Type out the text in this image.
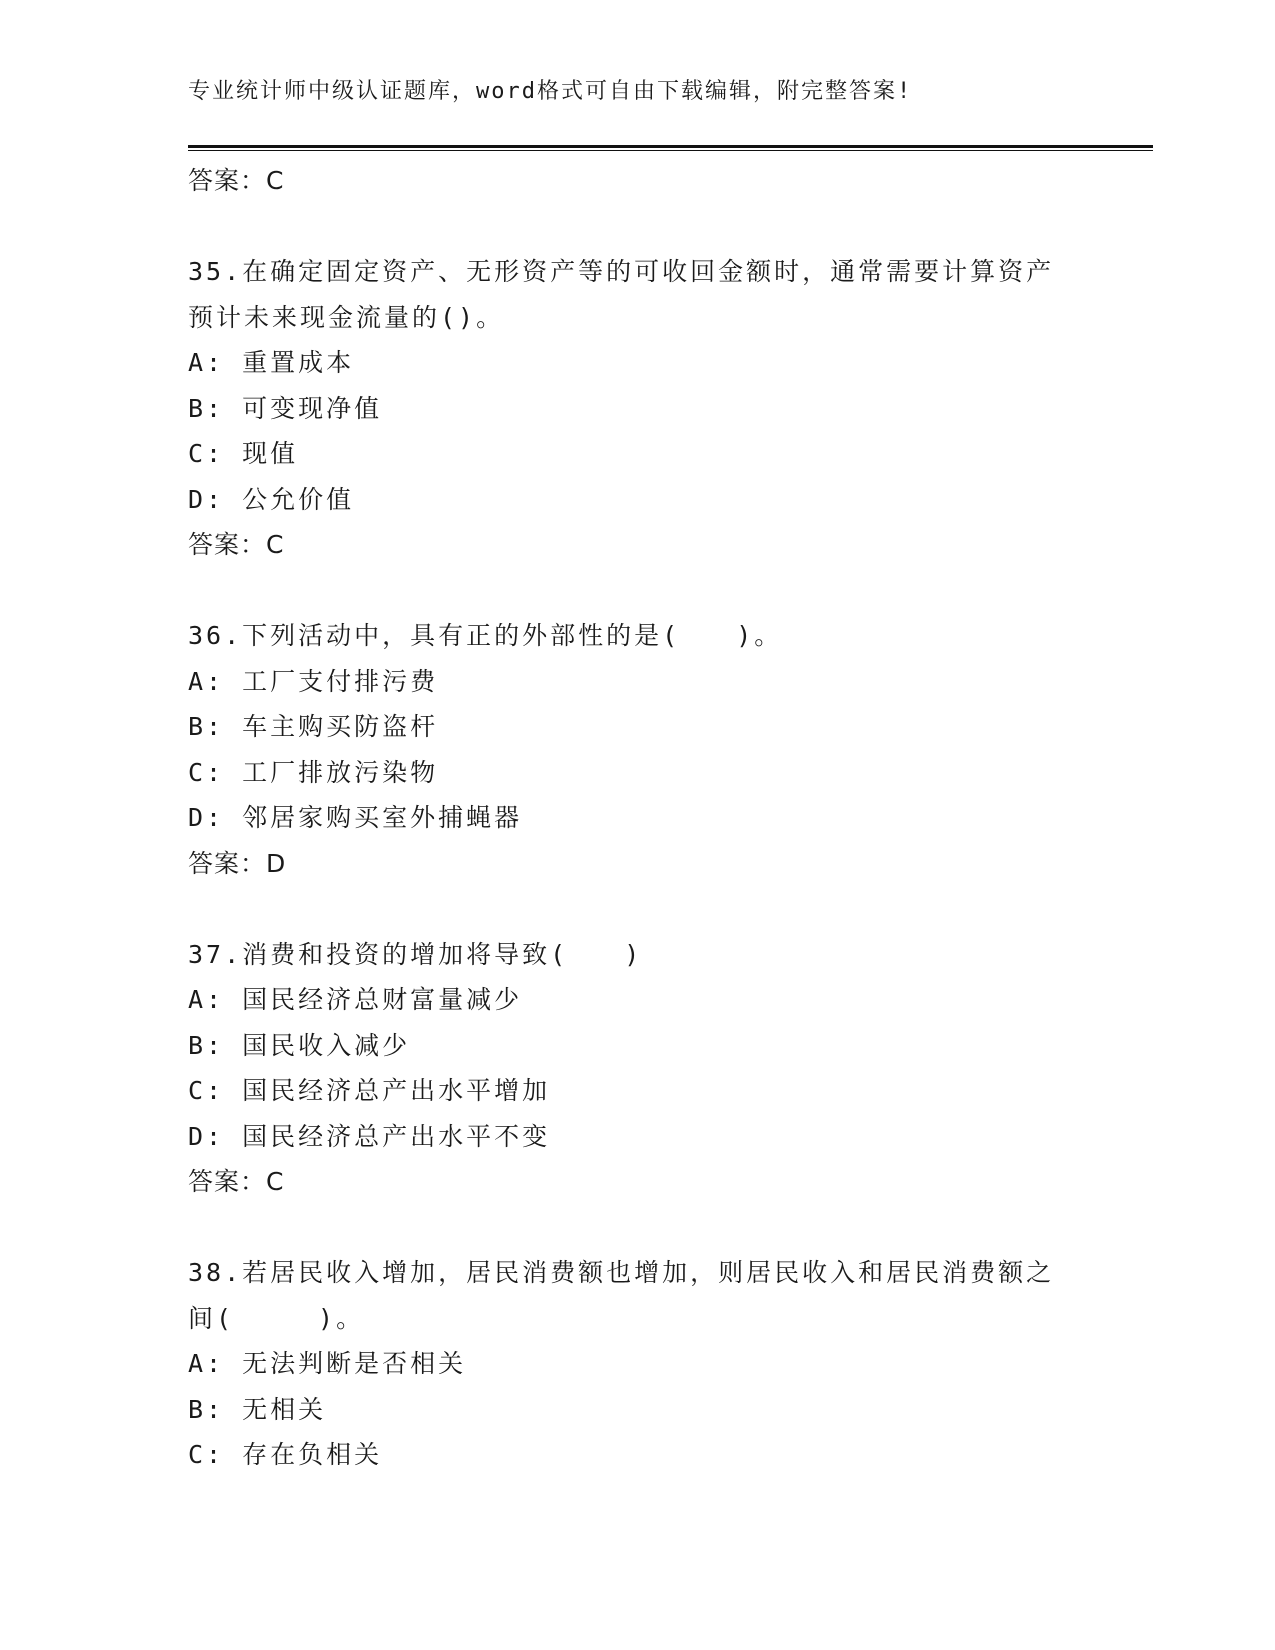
专业统计师中级认证题库，word格式可自由下载编辑，附完整答案!
答案：C
35.在确定固定资产、无形资产等的可收回金额时，通常需要计算资产
预计未来现金流量的()。
A: 重置成本
B: 可变现净值
C: 现值
D: 公允价值
答案：C
36.下列活动中，具有正的外部性的是(　　)。
A: 工厂支付排污费
B: 车主购买防盗杆
C: 工厂排放污染物
D: 邻居家购买室外捕蝇器
答案：D
37.消费和投资的增加将导致(　　)
A: 国民经济总财富量减少
B: 国民收入减少
C: 国民经济总产出水平增加
D: 国民经济总产出水平不变
答案：C
38.若居民收入增加，居民消费额也增加，则居民收入和居民消费额之
间(　　　)。
A: 无法判断是否相关
B: 无相关
C: 存在负相关
